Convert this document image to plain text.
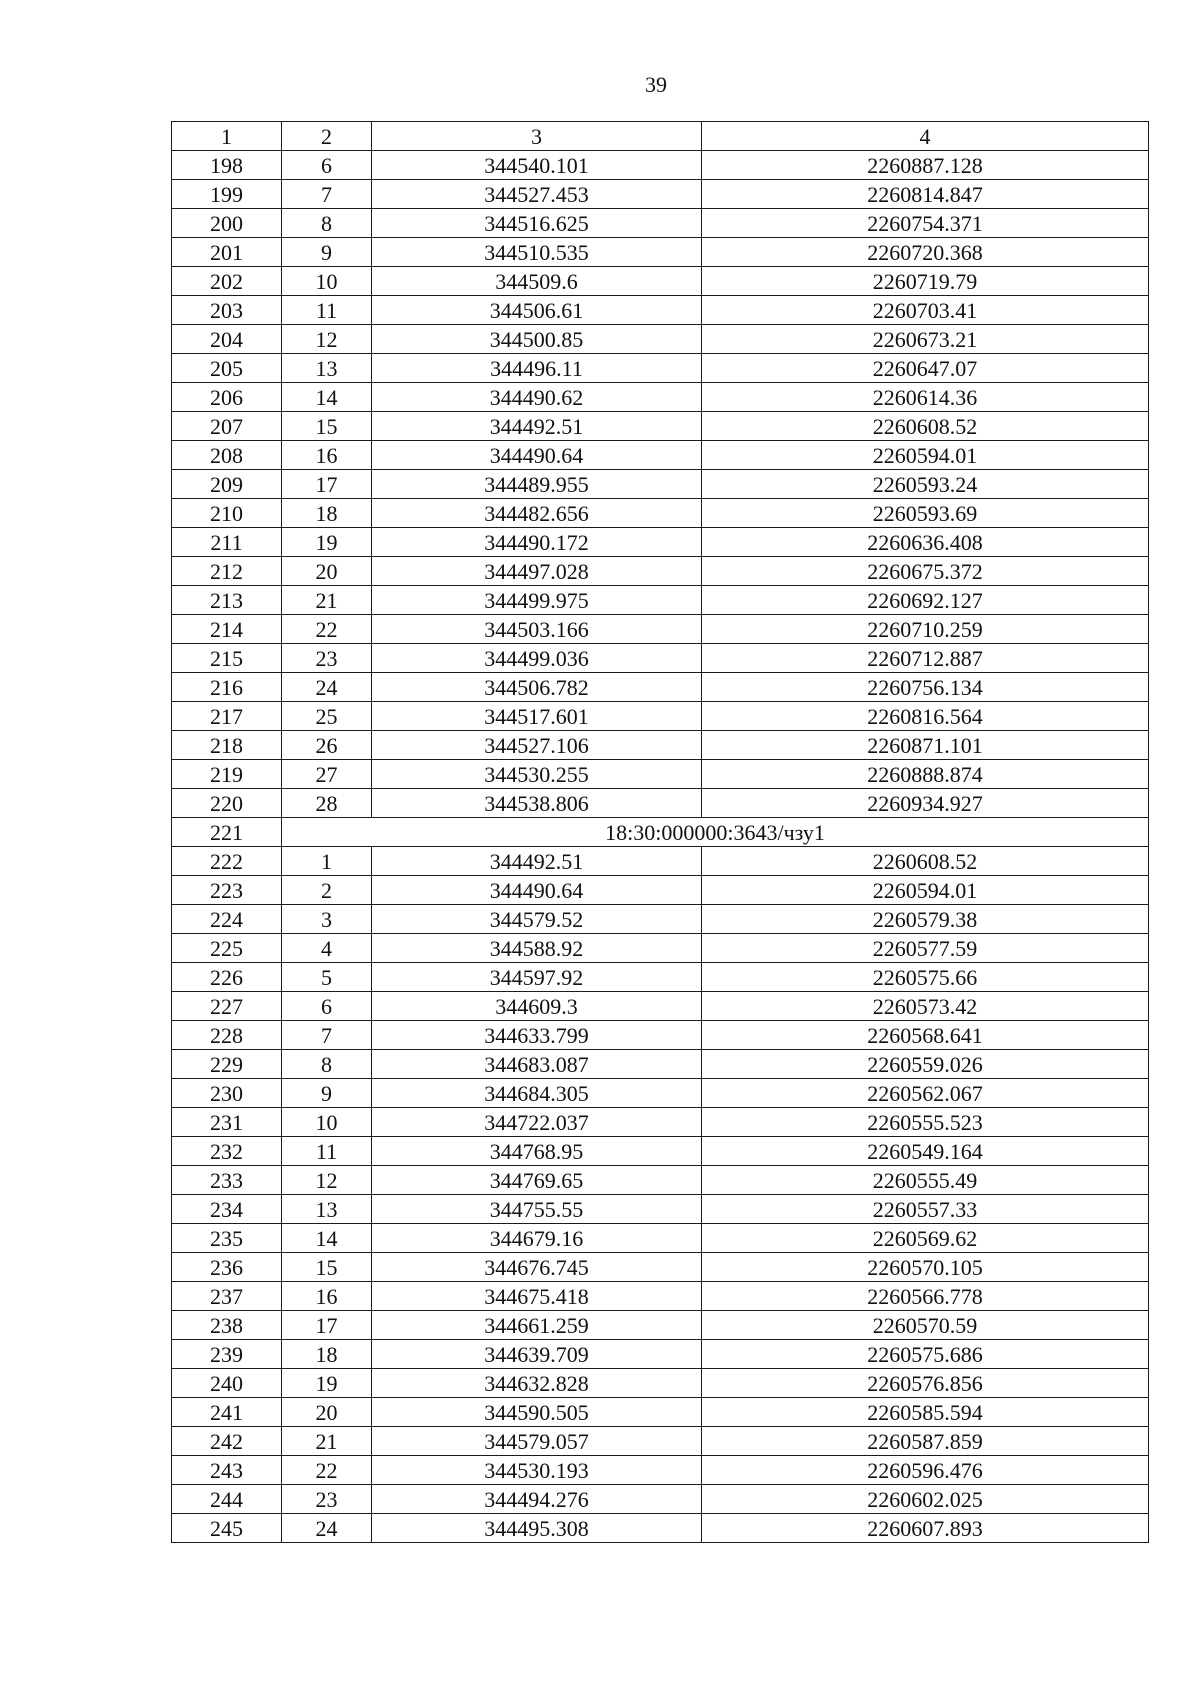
39
1	2	3	4
198	6	344540.101	2260887.128
199	7	344527.453	2260814.847
200	8	344516.625	2260754.371
201	9	344510.535	2260720.368
202	10	344509.6	2260719.79
203	11	344506.61	2260703.41
204	12	344500.85	2260673.21
205	13	344496.11	2260647.07
206	14	344490.62	2260614.36
207	15	344492.51	2260608.52
208	16	344490.64	2260594.01
209	17	344489.955	2260593.24
210	18	344482.656	2260593.69
211	19	344490.172	2260636.408
212	20	344497.028	2260675.372
213	21	344499.975	2260692.127
214	22	344503.166	2260710.259
215	23	344499.036	2260712.887
216	24	344506.782	2260756.134
217	25	344517.601	2260816.564
218	26	344527.106	2260871.101
219	27	344530.255	2260888.874
220	28	344538.806	2260934.927
221	18:30:000000:3643/чзу1		
222	1	344492.51	2260608.52
223	2	344490.64	2260594.01
224	3	344579.52	2260579.38
225	4	344588.92	2260577.59
226	5	344597.92	2260575.66
227	6	344609.3	2260573.42
228	7	344633.799	2260568.641
229	8	344683.087	2260559.026
230	9	344684.305	2260562.067
231	10	344722.037	2260555.523
232	11	344768.95	2260549.164
233	12	344769.65	2260555.49
234	13	344755.55	2260557.33
235	14	344679.16	2260569.62
236	15	344676.745	2260570.105
237	16	344675.418	2260566.778
238	17	344661.259	2260570.59
239	18	344639.709	2260575.686
240	19	344632.828	2260576.856
241	20	344590.505	2260585.594
242	21	344579.057	2260587.859
243	22	344530.193	2260596.476
244	23	344494.276	2260602.025
245	24	344495.308	2260607.893
